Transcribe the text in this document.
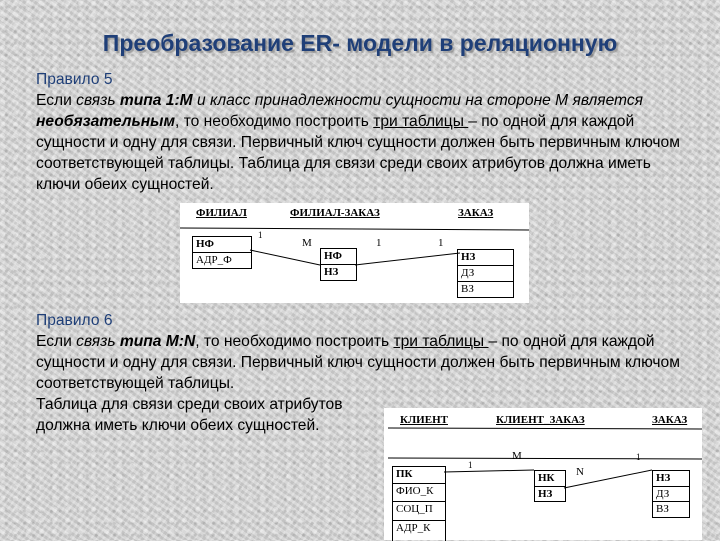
Преобразование ER- модели в реляционную
Правило 5
Если связь типа 1:М и класс принадлежности сущности на стороне М является необязательным, то необходимо построить три таблицы – по одной для каждой сущности и одну для связи. Первичный ключ сущности должен быть первичным ключом соответствующей таблицы. Таблица для связи среди своих атрибутов должна иметь ключи обеих сущностей.
ФИЛИАЛ	ФИЛИАЛ-ЗАКАЗ	ЗАКАЗ
1
М	1	1
НФ
АДР_Ф	НФ
НЗ
НЗ
ДЗ
ВЗ
Правило 6
Если связь типа М:N, то необходимо построить три таблицы – по одной для каждой сущности и одну для связи. Первичный ключ сущности должен быть первичным ключом соответствующей таблицы.
Таблица для связи среди своих атрибутов
должна иметь ключи обеих сущностей.	КЛИЕНТ	КЛИЕНТ_ЗАКАЗ	ЗАКАЗ
1
М
N
1
ПК
ФИО_К
СОЦ_П
АДР_К
НК
НЗ
НЗ
ДЗ
ВЗ
